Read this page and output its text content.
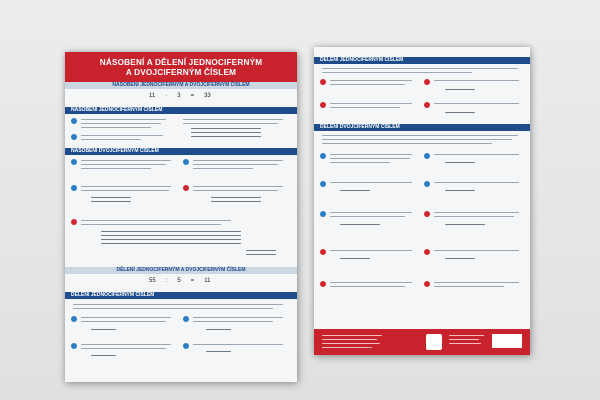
NÁSOBENÍ A DĚLENÍ JEDNOCIFERNÝM
A DVOJCIFERNÝM ČÍSLEM
NÁSOBENÍ JEDNOCIFERNÝM A DVOJCIFERNÝM ČÍSLEM
11 · 3 = 33
NÁSOBENÍ JEDNOCIFERNÝM ČÍSLEM
NÁSOBENÍ DVOJCIFERNÝM ČÍSLEM
DĚLENÍ JEDNOCIFERNÝM A DVOJCIFERNÝM ČÍSLEM
55 : 5 = 11
DĚLENÍ JEDNOCIFERNÝM ČÍSLEM
DĚLENÍ JEDNOCIFERNÝM ČÍSLEM
DĚLENÍ DVOJCIFERNÝM ČÍSLEM
